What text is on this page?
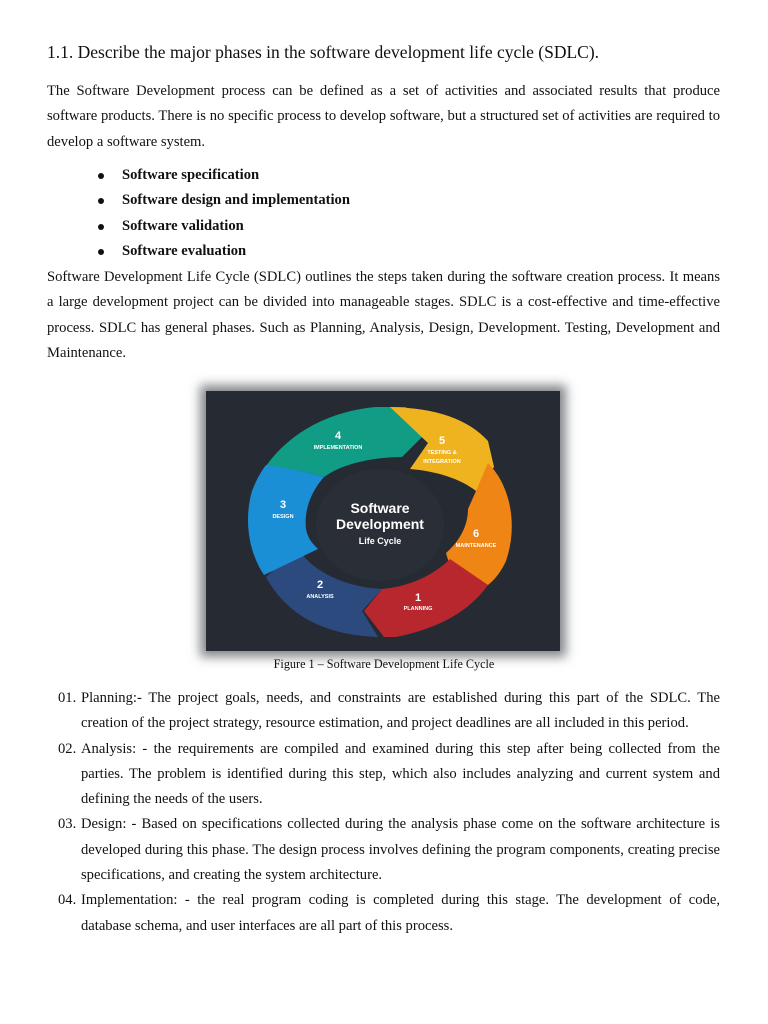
1.1. Describe the major phases in the software development life cycle (SDLC).

The Software Development process can be defined as a set of activities and associated results that produce software products. There is no specific process to develop software, but a structured set of activities are required to develop a software system.

Software specification
Software design and implementation
Software validation
Software evaluation

Software Development Life Cycle (SDLC) outlines the steps taken during the software creation process. It means a large development project can be divided into manageable stages. SDLC is a cost-effective and time-effective process. SDLC has general phases. Such as Planning, Analysis, Design, Development. Testing, Development and Maintenance.

Software
Development
Life Cycle
4
IMPLEMENTATION
5
TESTING &
INTEGRATION
6
MAINTENANCE
1
PLANNING
2
ANALYSIS
3
DESIGN

Figure 1 – Software Development Life Cycle

01. Planning:- The project goals, needs, and constraints are established during this part of the SDLC. The creation of the project strategy, resource estimation, and project deadlines are all included in this period.
02. Analysis: - the requirements are compiled and examined during this step after being collected from the parties. The problem is identified during this step, which also includes analyzing and current system and defining the needs of the users.
03. Design: - Based on specifications collected during the analysis phase come on the software architecture is developed during this phase. The design process involves defining the program components, creating precise specifications, and creating the system architecture.
04. Implementation: - the real program coding is completed during this stage. The development of code, database schema, and user interfaces are all part of this process.
